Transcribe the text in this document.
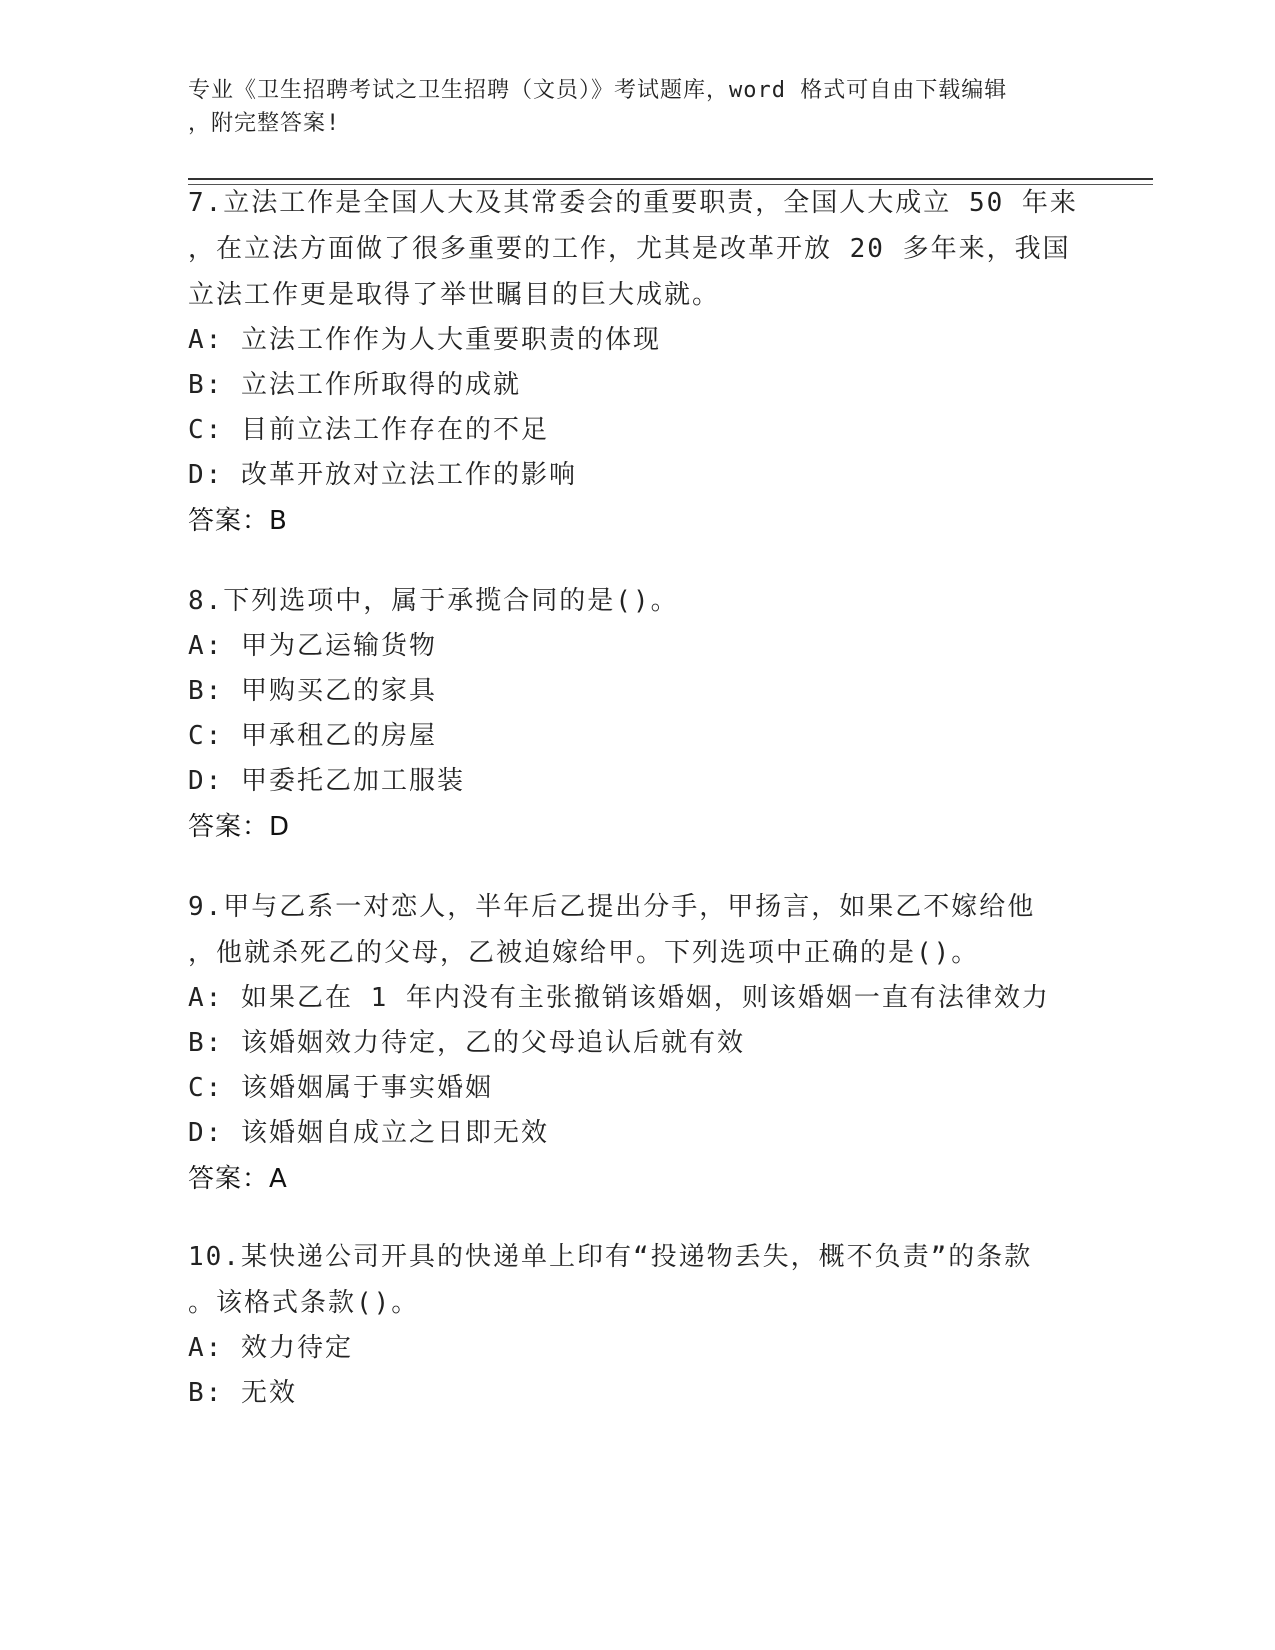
专业《卫生招聘考试之卫生招聘（文员）》考试题库，word 格式可自由下载编辑
，附完整答案!
7.立法工作是全国人大及其常委会的重要职责，全国人大成立 50 年来
，在立法方面做了很多重要的工作，尤其是改革开放 20 多年来，我国
立法工作更是取得了举世瞩目的巨大成就。
A: 立法工作作为人大重要职责的体现
B: 立法工作所取得的成就
C: 目前立法工作存在的不足
D: 改革开放对立法工作的影响
答案：B
8.下列选项中，属于承揽合同的是()。
A: 甲为乙运输货物
B: 甲购买乙的家具
C: 甲承租乙的房屋
D: 甲委托乙加工服装
答案：D
9.甲与乙系一对恋人，半年后乙提出分手，甲扬言，如果乙不嫁给他
，他就杀死乙的父母，乙被迫嫁给甲。下列选项中正确的是()。
A: 如果乙在 1 年内没有主张撤销该婚姻，则该婚姻一直有法律效力
B: 该婚姻效力待定，乙的父母追认后就有效
C: 该婚姻属于事实婚姻
D: 该婚姻自成立之日即无效
答案：A
10.某快递公司开具的快递单上印有“投递物丢失，概不负责”的条款
。该格式条款()。
A: 效力待定
B: 无效
